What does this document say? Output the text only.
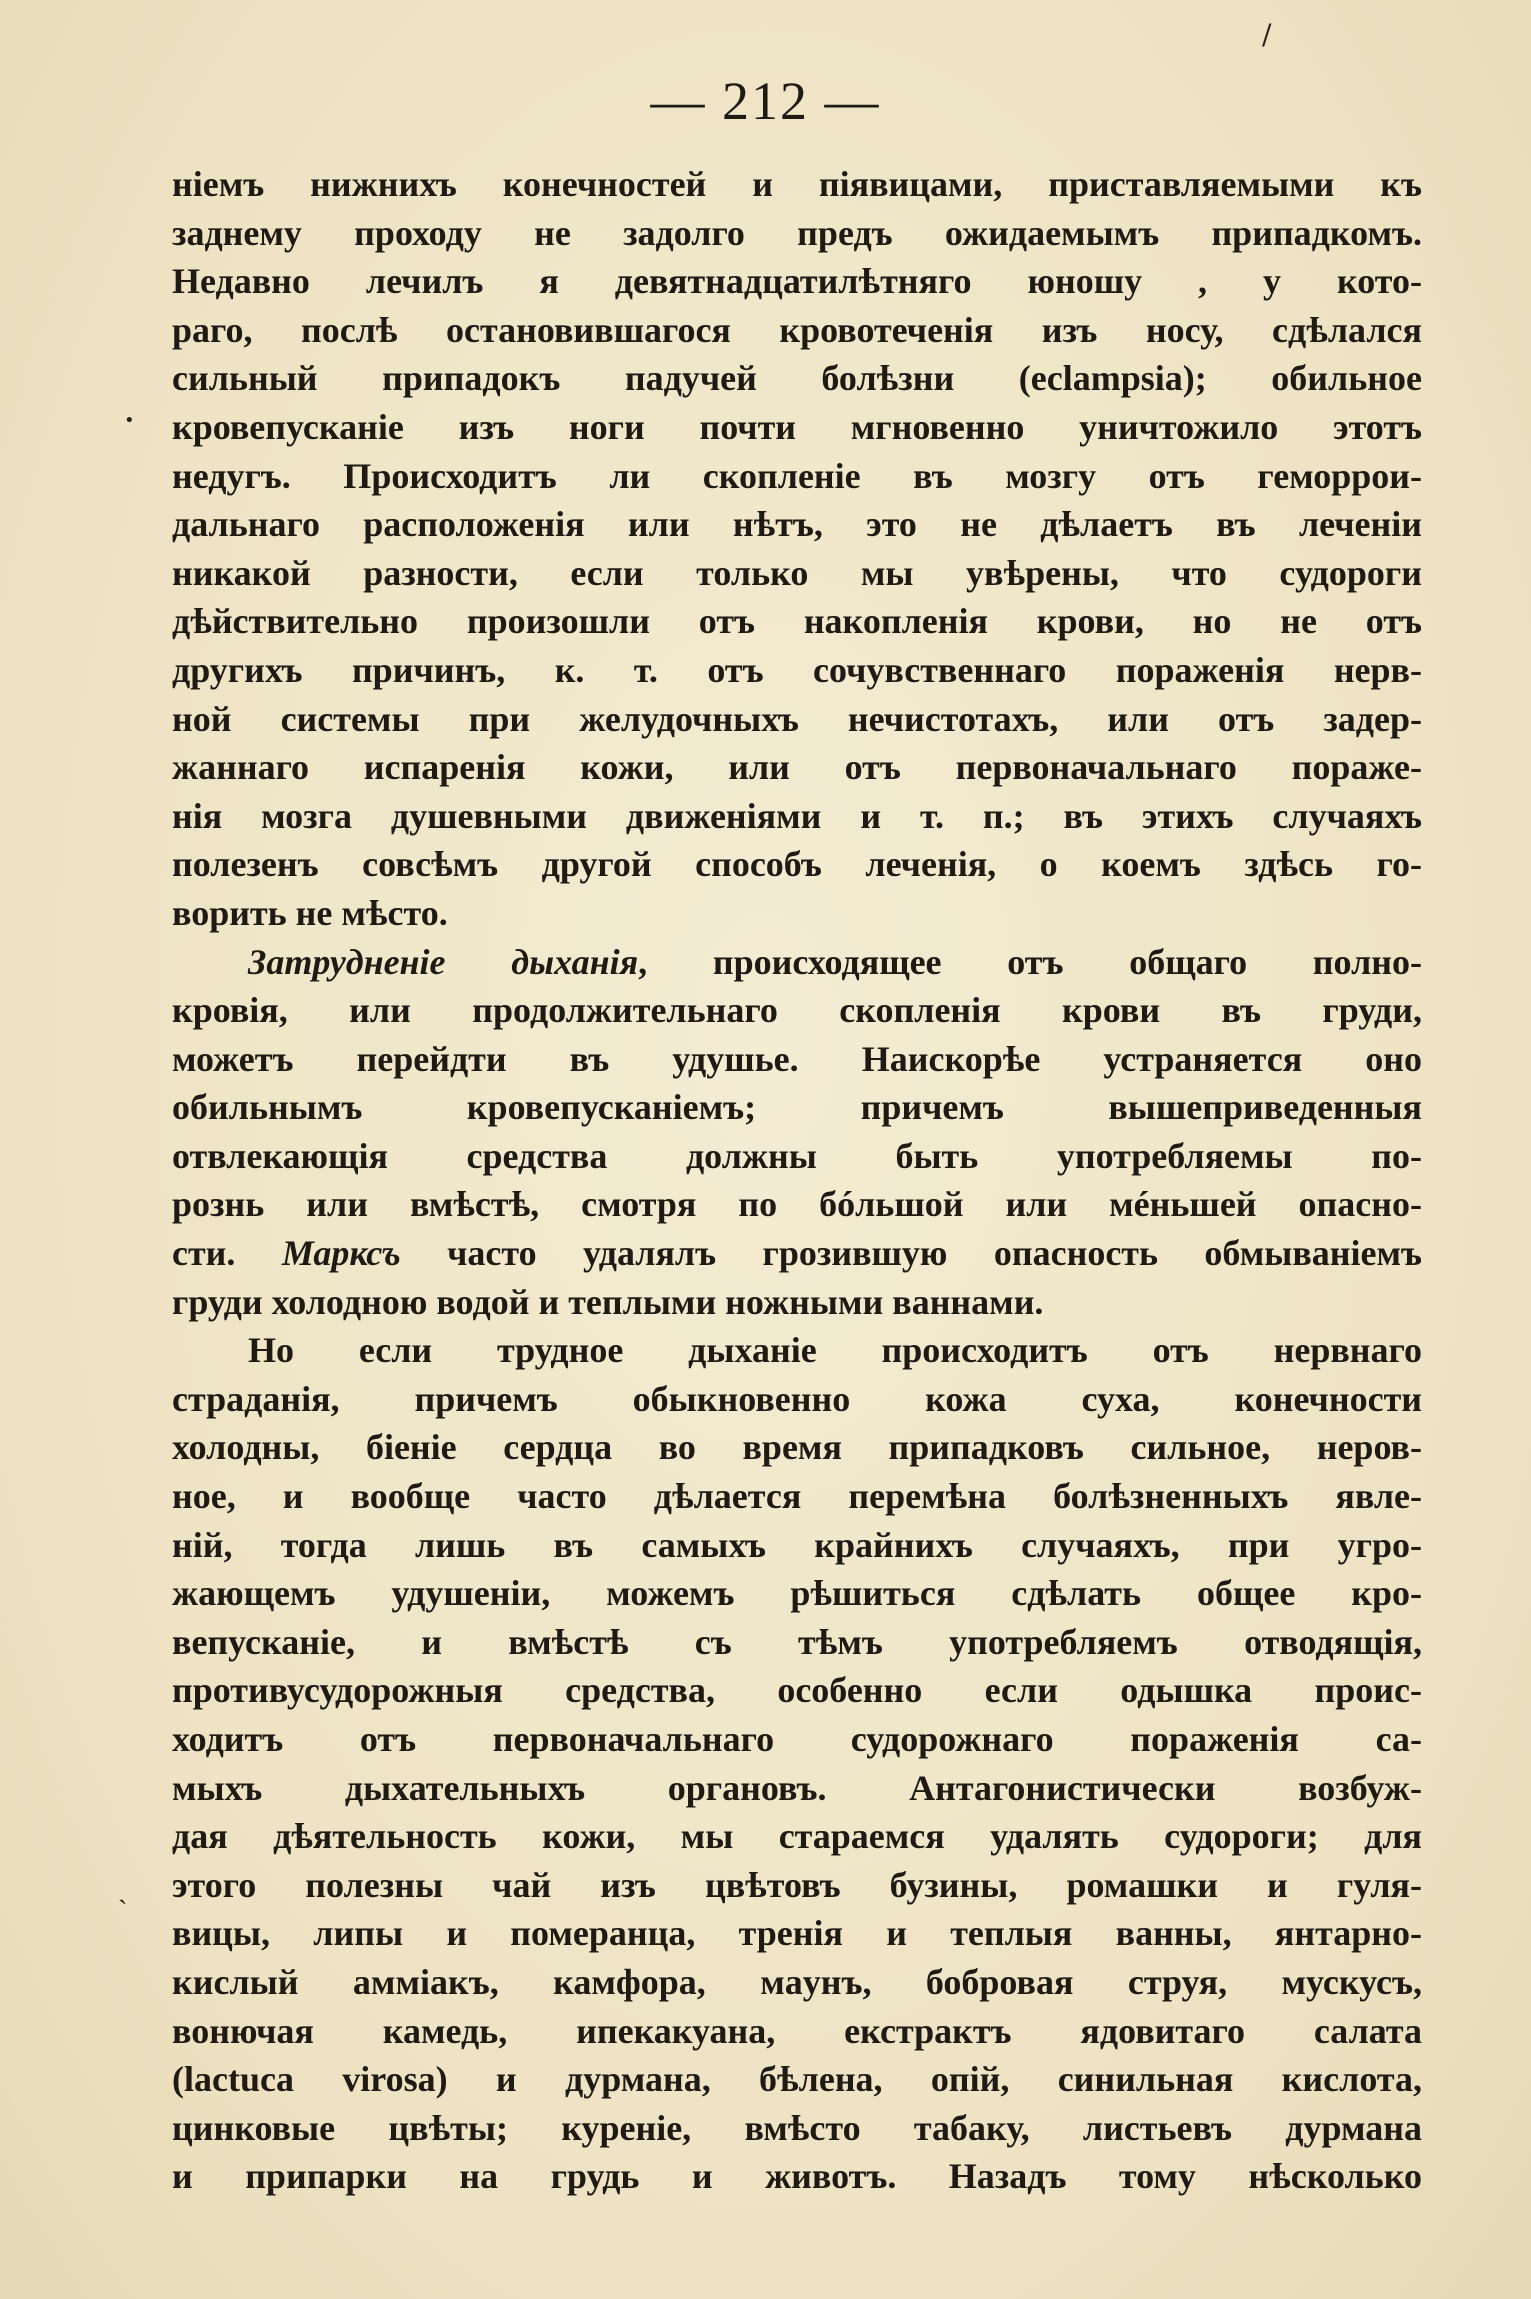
— 212 —
/
•
ˎ
ніемъ нижнихъ конечностей и піявицами, приставляемыми къ
заднему проходу не задолго предъ ожидаемымъ припадкомъ.
Недавно лечилъ я девятнадцатилѣтняго юношу , у кото-
раго, послѣ остановившагося кровотеченія изъ носу, сдѣлался
сильный припадокъ падучей болѣзни (eclampsia); обильное
кровепусканіе изъ ноги почти мгновенно уничтожило этотъ
недугъ. Происходитъ ли скопленіе въ мозгу отъ геморрои-
дальнаго расположенія или нѣтъ, это не дѣлаетъ въ леченіи
никакой разности, если только мы увѣрены, что судороги
дѣйствительно произошли отъ накопленія крови, но не отъ
другихъ причинъ, к. т. отъ сочувственнаго пораженія нерв-
ной системы при желудочныхъ нечистотахъ, или отъ задер-
жаннаго испаренія кожи, или отъ первоначальнаго пораже-
нія мозга душевными движеніями и т. п.; въ этихъ случаяхъ
полезенъ совсѣмъ другой способъ леченія, о коемъ здѣсь го-
ворить не мѣсто.
Затрудненіе дыханія, происходящее отъ общаго полно-
кровія, или продолжительнаго скопленія крови въ груди,
можетъ перейдти въ удушье. Наискорѣе устраняется оно
обильнымъ кровепусканіемъ; причемъ вышеприведенныя
отвлекающія средства должны быть употребляемы по-
рознь или вмѣстѣ, смотря по бóльшой или мéньшей опасно-
сти. Марксъ часто удалялъ грозившую опасность обмываніемъ
груди холодною водой и теплыми ножными ваннами.
Но если трудное дыханіе происходитъ отъ нервнаго
страданія, причемъ обыкновенно кожа суха, конечности
холодны, біеніе сердца во время припадковъ сильное, неров-
ное, и вообще часто дѣлается перемѣна болѣзненныхъ явле-
ній, тогда лишь въ самыхъ крайнихъ случаяхъ, при угро-
жающемъ удушеніи, можемъ рѣшиться сдѣлать общее кро-
вепусканіе, и вмѣстѣ съ тѣмъ употребляемъ отводящія,
противусудорожныя средства, особенно если одышка проис-
ходитъ отъ первоначальнаго судорожнаго пораженія са-
мыхъ дыхательныхъ органовъ. Антагонистически возбуж-
дая дѣятельность кожи, мы стараемся удалять судороги; для
этого полезны чай изъ цвѣтовъ бузины, ромашки и гуля-
вицы, липы и померанца, тренія и теплыя ванны, янтарно-
кислый аммiакъ, камфора, мaунъ, бобровая струя, мускусъ,
вонючая камедь, ипекакуана, екстрактъ ядовитаго салата
(lactuca virosa) и дурмана, бѣлена, опій, синильная кислота,
цинковые цвѣты; куреніе, вмѣсто табаку, листьевъ дурмана
и припарки на грудь и животъ. Назадъ тому нѣсколько
